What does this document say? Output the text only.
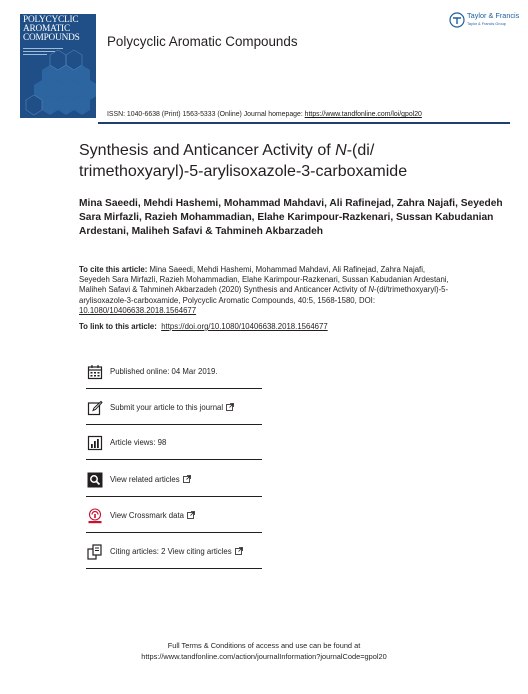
POLYCYCLIC
AROMATIC
COMPOUNDS Polycyclic Aromatic Compounds
Taylor & Francis
Taylor & Francis Group
ISSN: 1040-6638 (Print) 1563-5333 (Online) Journal homepage: https://www.tandfonline.com/loi/gpol20
Synthesis and Anticancer Activity of N-(di/ trimethoxyaryl)-5-arylisoxazole-3-carboxamide
Mina Saeedi, Mehdi Hashemi, Mohammad Mahdavi, Ali Rafinejad, Zahra Najafi, Seyedeh Sara Mirfazli, Razieh Mohammadian, Elahe Karimpour-Razkenari, Sussan Kabudanian Ardestani, Maliheh Safavi & Tahmineh Akbarzadeh
To cite this article: Mina Saeedi, Mehdi Hashemi, Mohammad Mahdavi, Ali Rafinejad, Zahra Najafi, Seyedeh Sara Mirfazli, Razieh Mohammadian, Elahe Karimpour-Razkenari, Sussan Kabudanian Ardestani, Maliheh Safavi & Tahmineh Akbarzadeh (2020) Synthesis and Anticancer Activity of N-(di/trimethoxyaryl)-5-arylisoxazole-3-carboxamide, Polycyclic Aromatic Compounds, 40:5, 1568-1580, DOI: 10.1080/10406638.2018.1564677
To link to this article: https://doi.org/10.1080/10406638.2018.1564677
Published online: 04 Mar 2019.
Submit your article to this journal
Article views: 98
View related articles
View Crossmark data
Citing articles: 2 View citing articles
Full Terms & Conditions of access and use can be found at
https://www.tandfonline.com/action/journalInformation?journalCode=gpol20
